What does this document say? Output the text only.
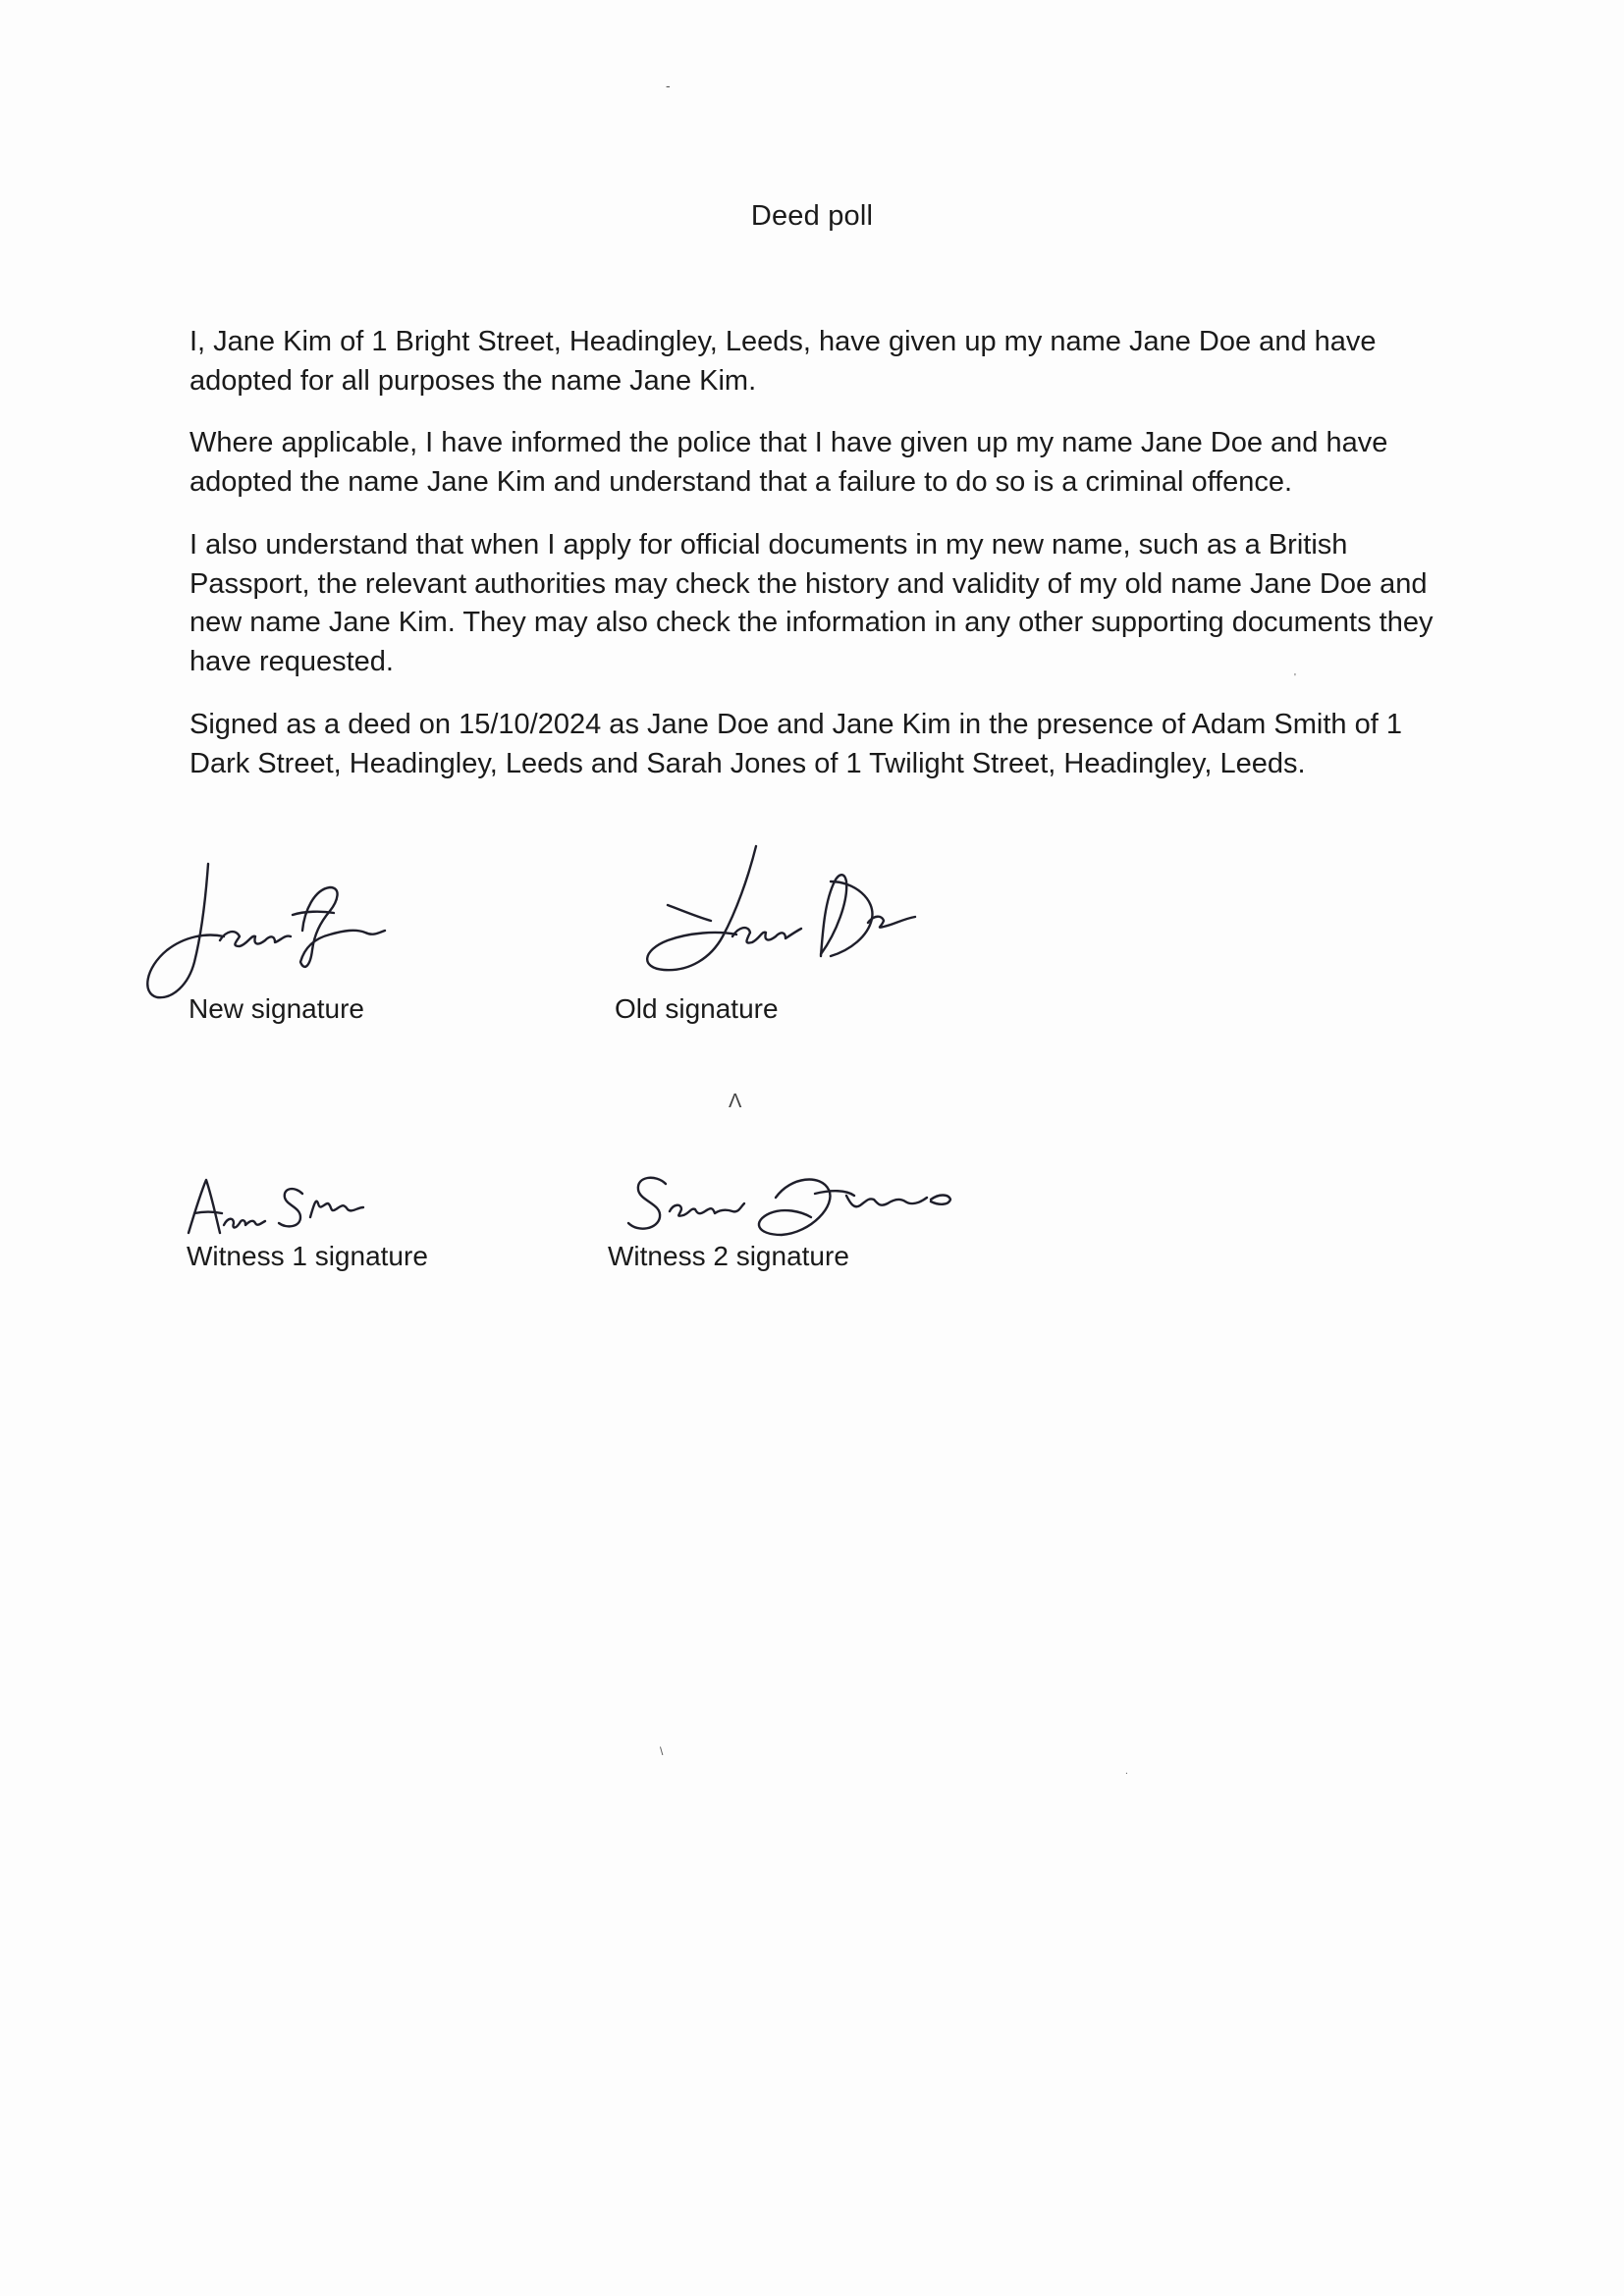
-
'
\
.
Deed poll

I, Jane Kim of 1 Bright Street, Headingley, Leeds, have given up my name Jane Doe and have adopted for all purposes the name Jane Kim.

Where applicable, I have informed the police that I have given up my name Jane Doe and have adopted the name Jane Kim and understand that a failure to do so is a criminal offence.

I also understand that when I apply for official documents in my new name, such as a British Passport, the relevant authorities may check the history and validity of my old name Jane Doe and new name Jane Kim. They may also check the information in any other supporting documents they have requested.

Signed as a deed on 15/10/2024 as Jane Doe and Jane Kim in the presence of Adam Smith of 1 Dark Street, Headingley, Leeds and Sarah Jones of 1 Twilight Street, Headingley, Leeds.

New signature	Old signature
Witness 1 signature	Witness 2 signature
Λ
